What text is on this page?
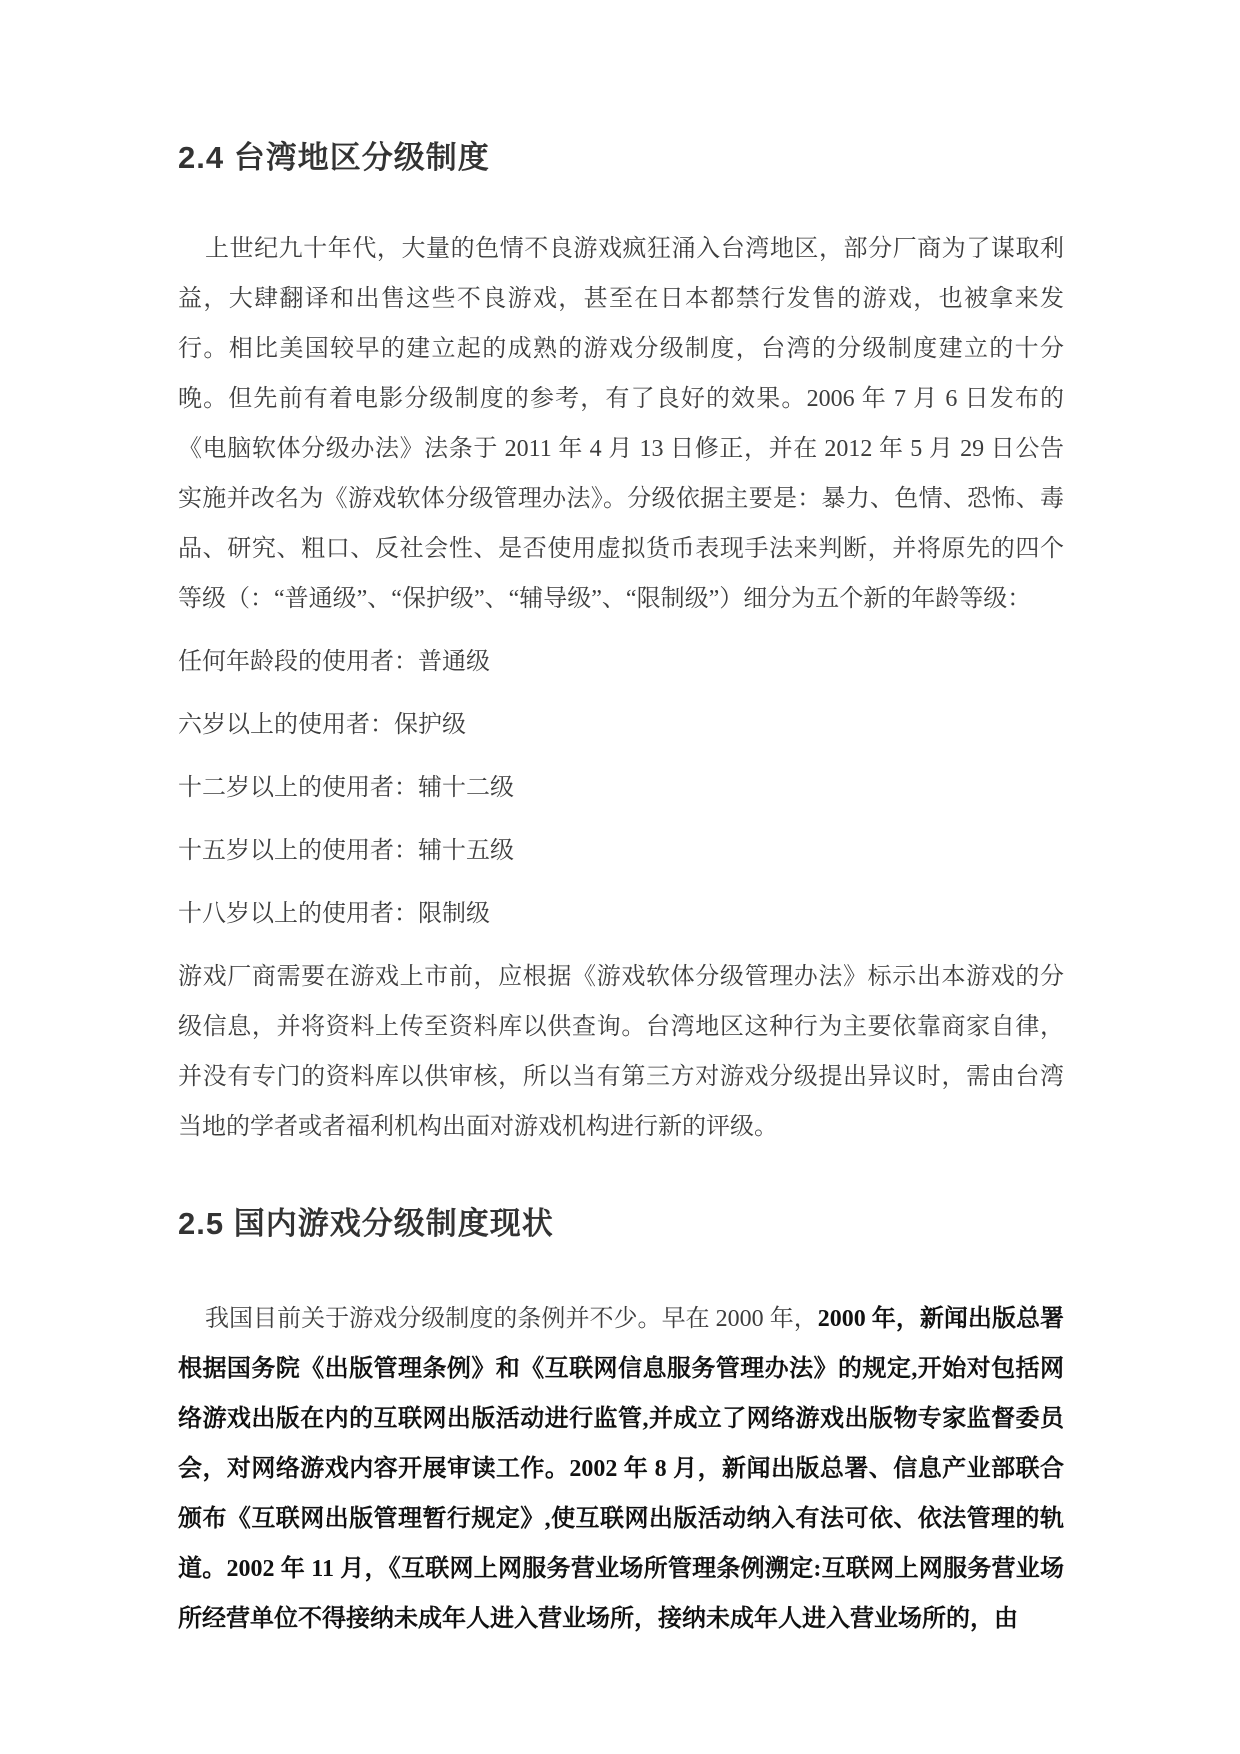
2.4 台湾地区分级制度

上世纪九十年代，大量的色情不良游戏疯狂涌入台湾地区，部分厂商为了谋取利益，大肆翻译和出售这些不良游戏，甚至在日本都禁行发售的游戏，也被拿来发行。相比美国较早的建立起的成熟的游戏分级制度，台湾的分级制度建立的十分晚。但先前有着电影分级制度的参考，有了良好的效果。2006 年 7 月 6 日发布的《电脑软体分级办法》法条于 2011 年 4 月 13 日修正，并在 2012 年 5 月 29 日公告实施并改名为《游戏软体分级管理办法》。分级依据主要是：暴力、色情、恐怖、毒品、研究、粗口、反社会性、是否使用虚拟货币表现手法来判断，并将原先的四个等级（：“普通级”、“保护级”、“辅导级”、“限制级”）细分为五个新的年龄等级：

任何年龄段的使用者：普通级

六岁以上的使用者：保护级

十二岁以上的使用者：辅十二级

十五岁以上的使用者：辅十五级

十八岁以上的使用者：限制级

游戏厂商需要在游戏上市前，应根据《游戏软体分级管理办法》标示出本游戏的分级信息，并将资料上传至资料库以供查询。台湾地区这种行为主要依靠商家自律，并没有专门的资料库以供审核，所以当有第三方对游戏分级提出异议时，需由台湾当地的学者或者福利机构出面对游戏机构进行新的评级。

2.5 国内游戏分级制度现状

我国目前关于游戏分级制度的条例并不少。早在 2000 年，2000 年，新闻出版总署根据国务院《出版管理条例》和《互联网信息服务管理办法》的规定,开始对包括网络游戏出版在内的互联网出版活动进行监管,并成立了网络游戏出版物专家监督委员会，对网络游戏内容开展审读工作。2002 年 8 月，新闻出版总署、信息产业部联合颁布《互联网出版管理暂行规定》,使互联网出版活动纳入有法可依、依法管理的轨道。2002 年 11 月，《互联网上网服务营业场所管理条例溯定:互联网上网服务营业场所经营单位不得接纳未成年人进入营业场所，接纳未成年人进入营业场所的，由
